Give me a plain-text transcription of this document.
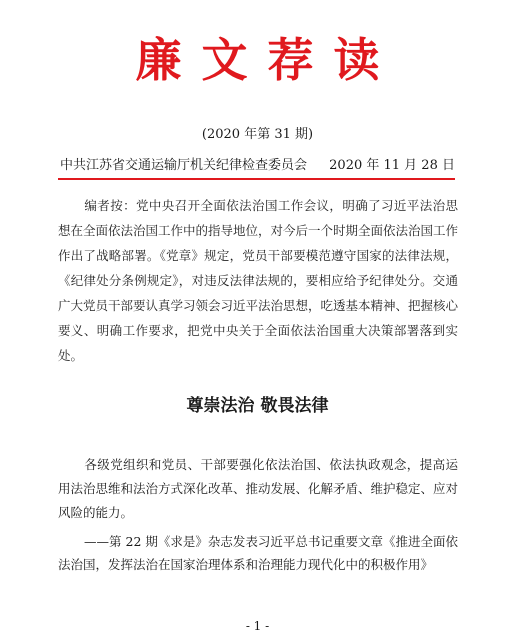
廉文荐读
(2020 年第 31 期)
中共江苏省交通运输厅机关纪律检查委员会 2020 年 11 月 28 日
编者按：党中央召开全面依法治国工作会议，明确了习近平法治思想在全面依法治国工作中的指导地位，对今后一个时期全面依法治国工作作出了战略部署。《党章》规定，党员干部要模范遵守国家的法律法规，《纪律处分条例规定》，对违反法律法规的，要相应给予纪律处分。交通广大党员干部要认真学习领会习近平法治思想，吃透基本精神、把握核心要义、明确工作要求，把党中央关于全面依法治国重大决策部署落到实处。
尊崇法治 敬畏法律
各级党组织和党员、干部要强化依法治国、依法执政观念，提高运用法治思维和法治方式深化改革、推动发展、化解矛盾、维护稳定、应对风险的能力。
——第 22 期《求是》杂志发表习近平总书记重要文章《推进全面依法治国，发挥法治在国家治理体系和治理能力现代化中的积极作用》
- 1 -
